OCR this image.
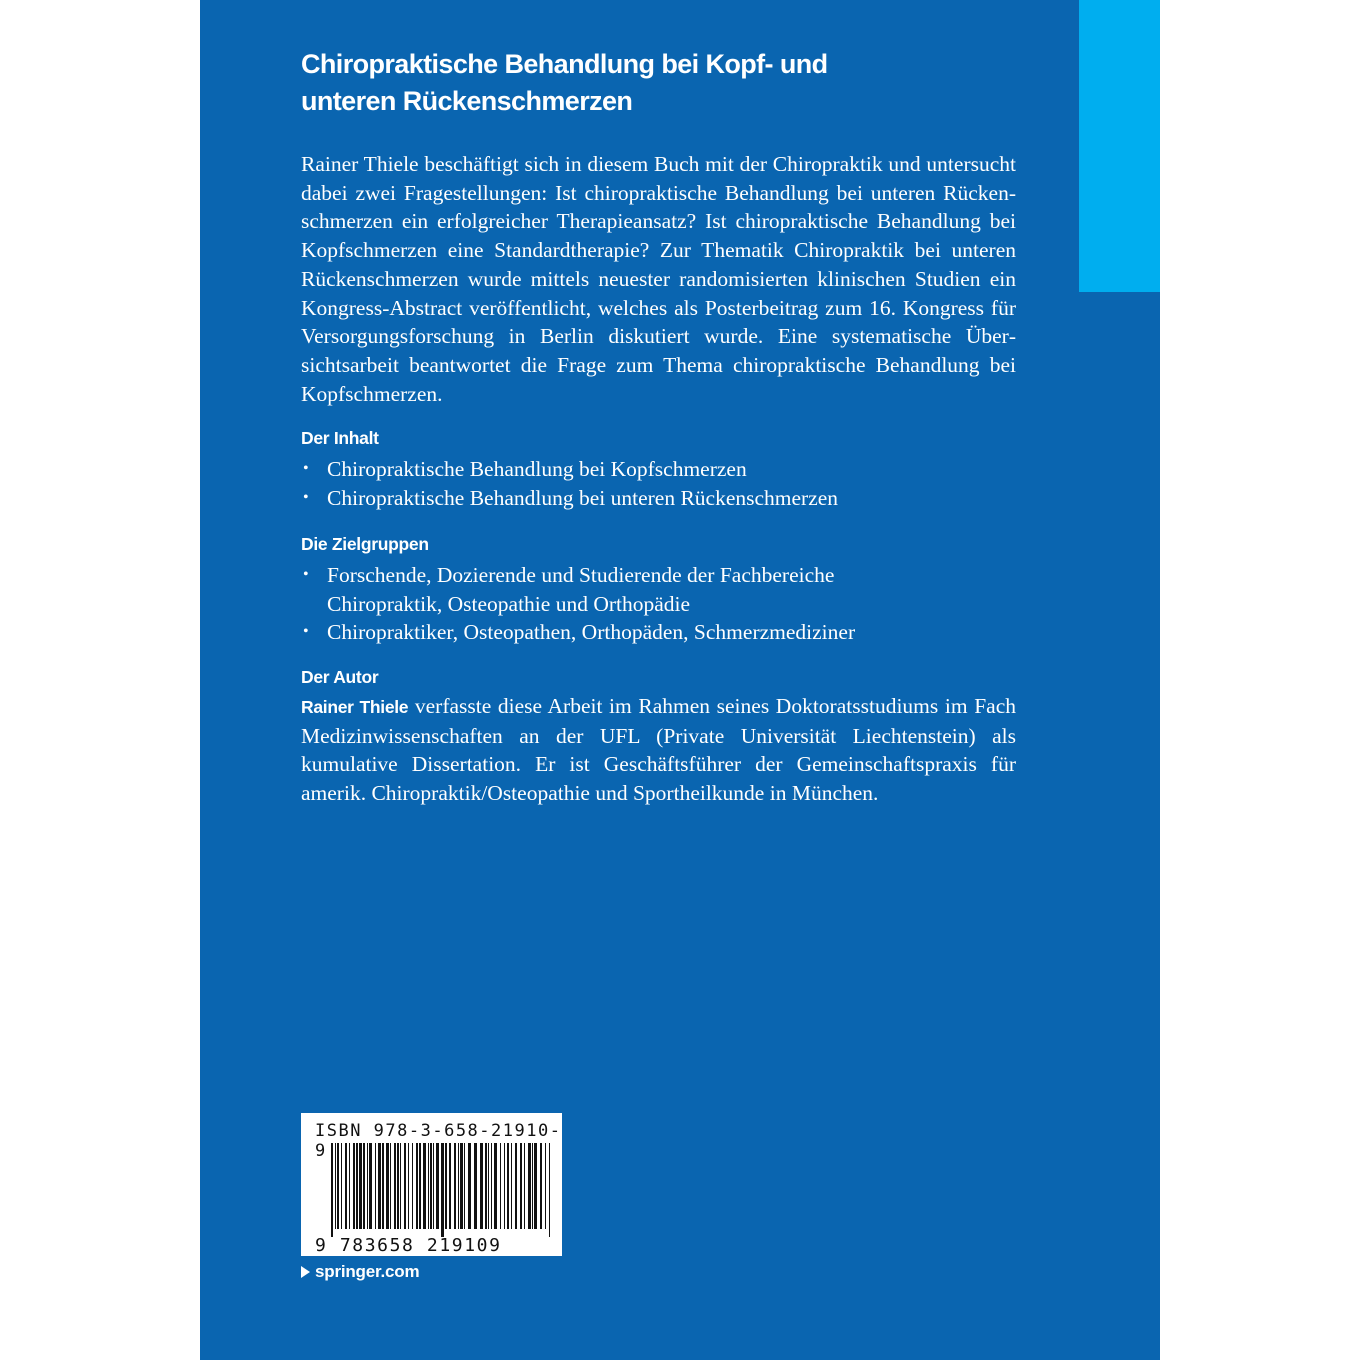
Chiropraktische Behandlung bei Kopf- und
unteren Rückenschmerzen
Rainer Thiele beschäftigt sich in diesem Buch mit der Chiropraktik und untersucht dabei zwei Fragestellungen: Ist chiropraktische Behandlung bei unteren Rückenschmerzen ein erfolgreicher Therapieansatz? Ist chiropraktische Behandlung bei Kopfschmerzen eine Standardtherapie? Zur Thematik Chiropraktik bei unteren Rückenschmerzen wurde mittels neuester randomisierten klinischen Studien ein Kongress-Abstract veröffentlicht, welches als Posterbeitrag zum 16. Kongress für Versorgungsforschung in Berlin diskutiert wurde. Eine systematische Übersichtsarbeit beantwortet die Frage zum Thema chiropraktische Behandlung bei Kopfschmerzen.
Der Inhalt
• Chiropraktische Behandlung bei Kopfschmerzen
• Chiropraktische Behandlung bei unteren Rückenschmerzen
Die Zielgruppen
• Forschende, Dozierende und Studierende der Fachbereiche Chiropraktik, Osteopathie und Orthopädie
• Chiropraktiker, Osteopathen, Orthopäden, Schmerzmediziner
Der Autor
Rainer Thiele verfasste diese Arbeit im Rahmen seines Doktoratsstudiums im Fach Medizinwissenschaften an der UFL (Private Universität Liechtenstein) als kumulative Dissertation. Er ist Geschäftsführer der Gemeinschaftspraxis für amerik. Chiropraktik/Osteopathie und Sportheilkunde in München.
ISBN 978-3-658-21910-9
9 783658 219109
springer.com
